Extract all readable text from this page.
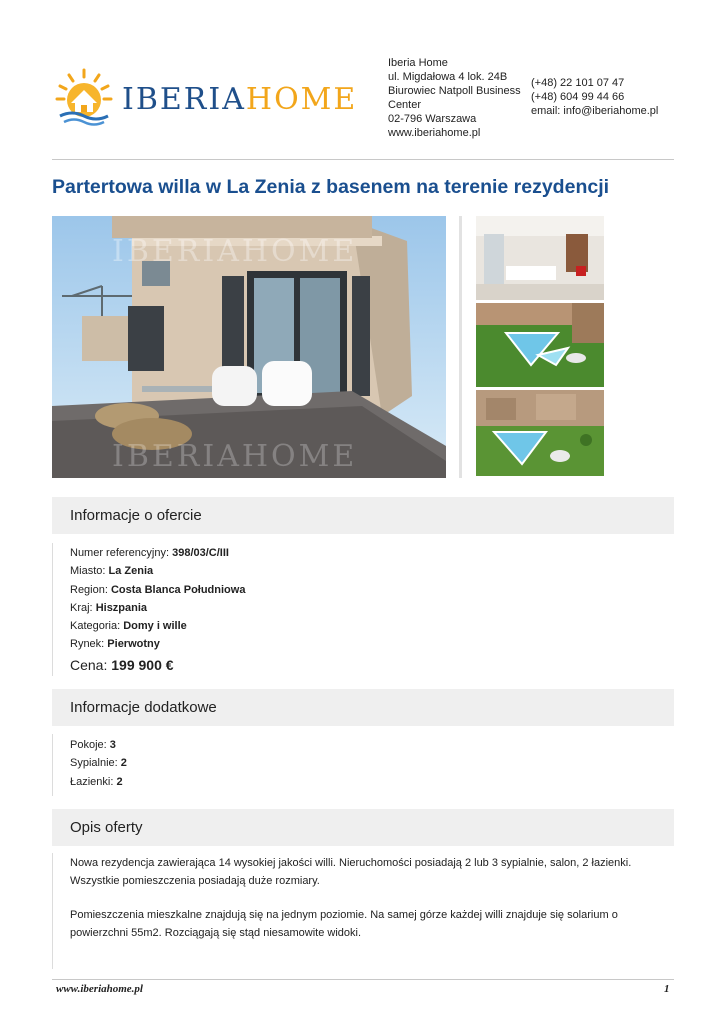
IBERIAHOME
Iberia Home
ul. Migdałowa 4 lok. 24B
Biurowiec Natpoll Business Center
02-796 Warszawa
www.iberiahome.pl
(+48) 22 101 07 47
(+48) 604 99 44 66
email: info@iberiahome.pl
Partertowa willa w La Zenia z basenem na terenie rezydencji
IBERIAHOME
IBERIAHOME
Informacje o ofercie
Numer referencyjny: 398/03/C/III
Miasto: La Zenia
Region: Costa Blanca Południowa
Kraj: Hiszpania
Kategoria: Domy i wille
Rynek: Pierwotny
Cena: 199 900 €
Informacje dodatkowe
Pokoje: 3
Sypialnie: 2
Łazienki: 2
Opis oferty

Nowa rezydencja zawierająca 14 wysokiej jakości willi. Nieruchomości posiadają 2 lub 3 sypialnie, salon, 2 łazienki. Wszystkie pomieszczenia posiadają duże rozmiary.

Pomieszczenia mieszkalne znajdują się na jednym poziomie. Na samej górze każdej willi znajduje się solarium o powierzchni 55m2. Rozciągają się stąd niesamowite widoki.

www.iberiahome.pl	1
